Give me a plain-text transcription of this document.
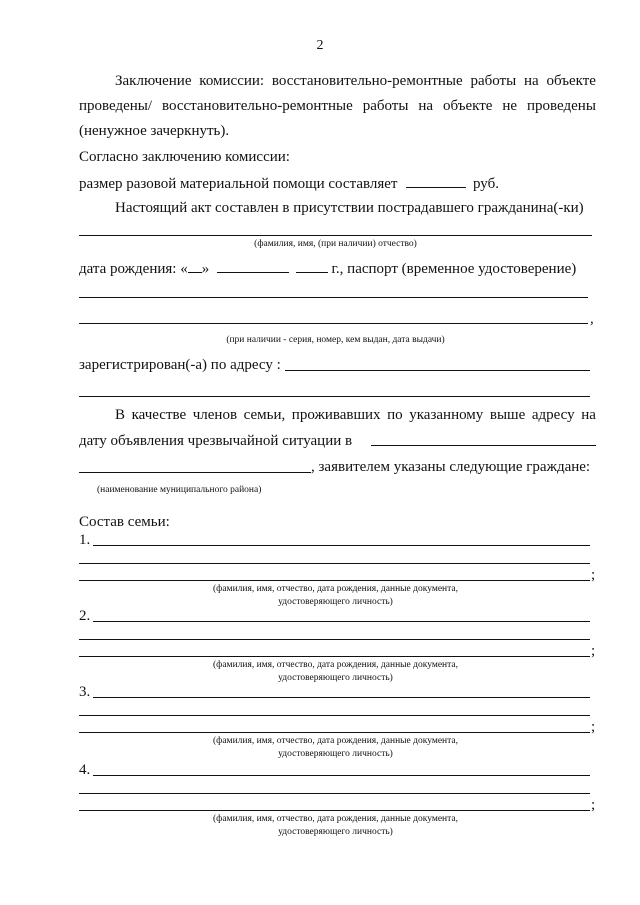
2
Заключение комиссии: восстановительно-ремонтные работы на объекте
проведены/ восстановительно-ремонтные работы на объекте не проведены
(ненужное зачеркнуть).
Согласно заключению комиссии:
размер разовой материальной помощи составляет	руб.
Настоящий акт составлен в присутствии пострадавшего гражданина(-ки)
(фамилия, имя, (при наличии) отчество)
дата рождения: « »	г., паспорт (временное удостоверение)
,
(при наличии - серия, номер, кем выдан, дата выдачи)
зарегистрирован(-а) по адресу :
В качестве членов семьи, проживавших по указанному выше адресу на
дату объявления чрезвычайной ситуации в
, заявителем указаны следующие граждане:
(наименование муниципального района)
Состав семьи:
1.
;
(фамилия, имя, отчество, дата рождения, данные документа,
удостоверяющего личность)
2.
;
(фамилия, имя, отчество, дата рождения, данные документа,
удостоверяющего личность)
3.
;
(фамилия, имя, отчество, дата рождения, данные документа,
удостоверяющего личность)
4.
;
(фамилия, имя, отчество, дата рождения, данные документа,
удостоверяющего личность)
